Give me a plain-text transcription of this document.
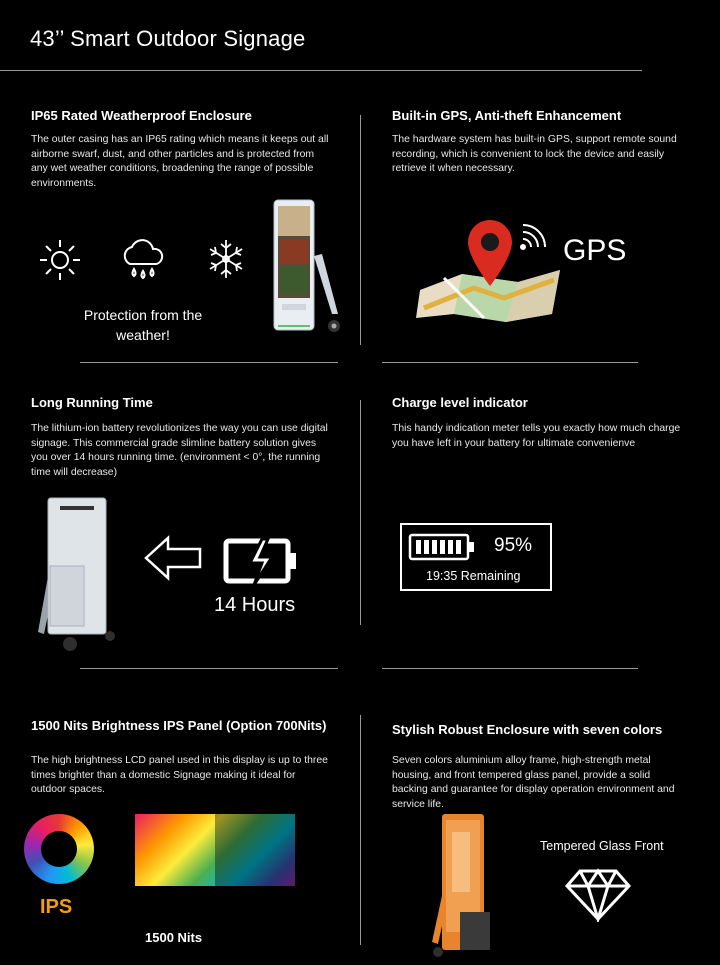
43’’ Smart Outdoor Signage
IP65 Rated Weatherproof Enclosure
The outer casing has an IP65 rating which means it keeps out all airborne swarf, dust, and other particles and is protected from any wet weather conditions, broadening the range of possible environments.
Protection from the
weather!
Built-in GPS, Anti-theft Enhancement
The hardware system has built-in GPS, support remote sound recording, which is convenient to lock the device and easily retrieve it when necessary.
GPS
Long Running Time
The lithium-ion battery revolutionizes the way you can use digital signage. This commercial grade slimline battery solution gives you over 14 hours running time. (environment < 0°, the running time will decrease)
14 Hours
Charge level indicator
This handy indication meter tells you exactly how much charge you have left in your battery for ultimate convenienve
95%
19:35 Remaining
1500 Nits Brightness IPS Panel (Option 700Nits)
The high brightness LCD panel used in this display is up to three times brighter than a domestic Signage making it ideal for outdoor spaces.
IPS
1500 Nits
Stylish Robust Enclosure with seven colors
Seven colors aluminium alloy frame, high-strength metal housing, and front tempered glass panel, provide a solid backing and guarantee for display operation environment and service life.
Tempered Glass Front
